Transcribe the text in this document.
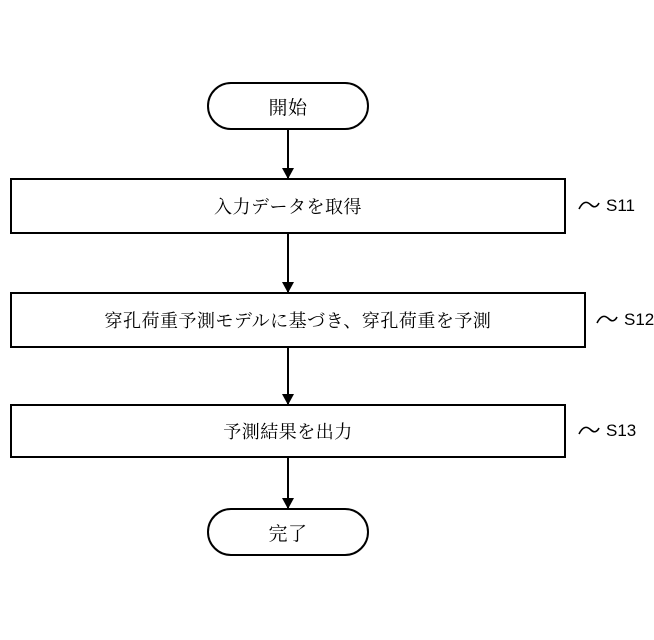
開始
入力データを取得	S11
穿孔荷重予測モデルに基づき、穿孔荷重を予測	S12
予測結果を出力	S13
完了
